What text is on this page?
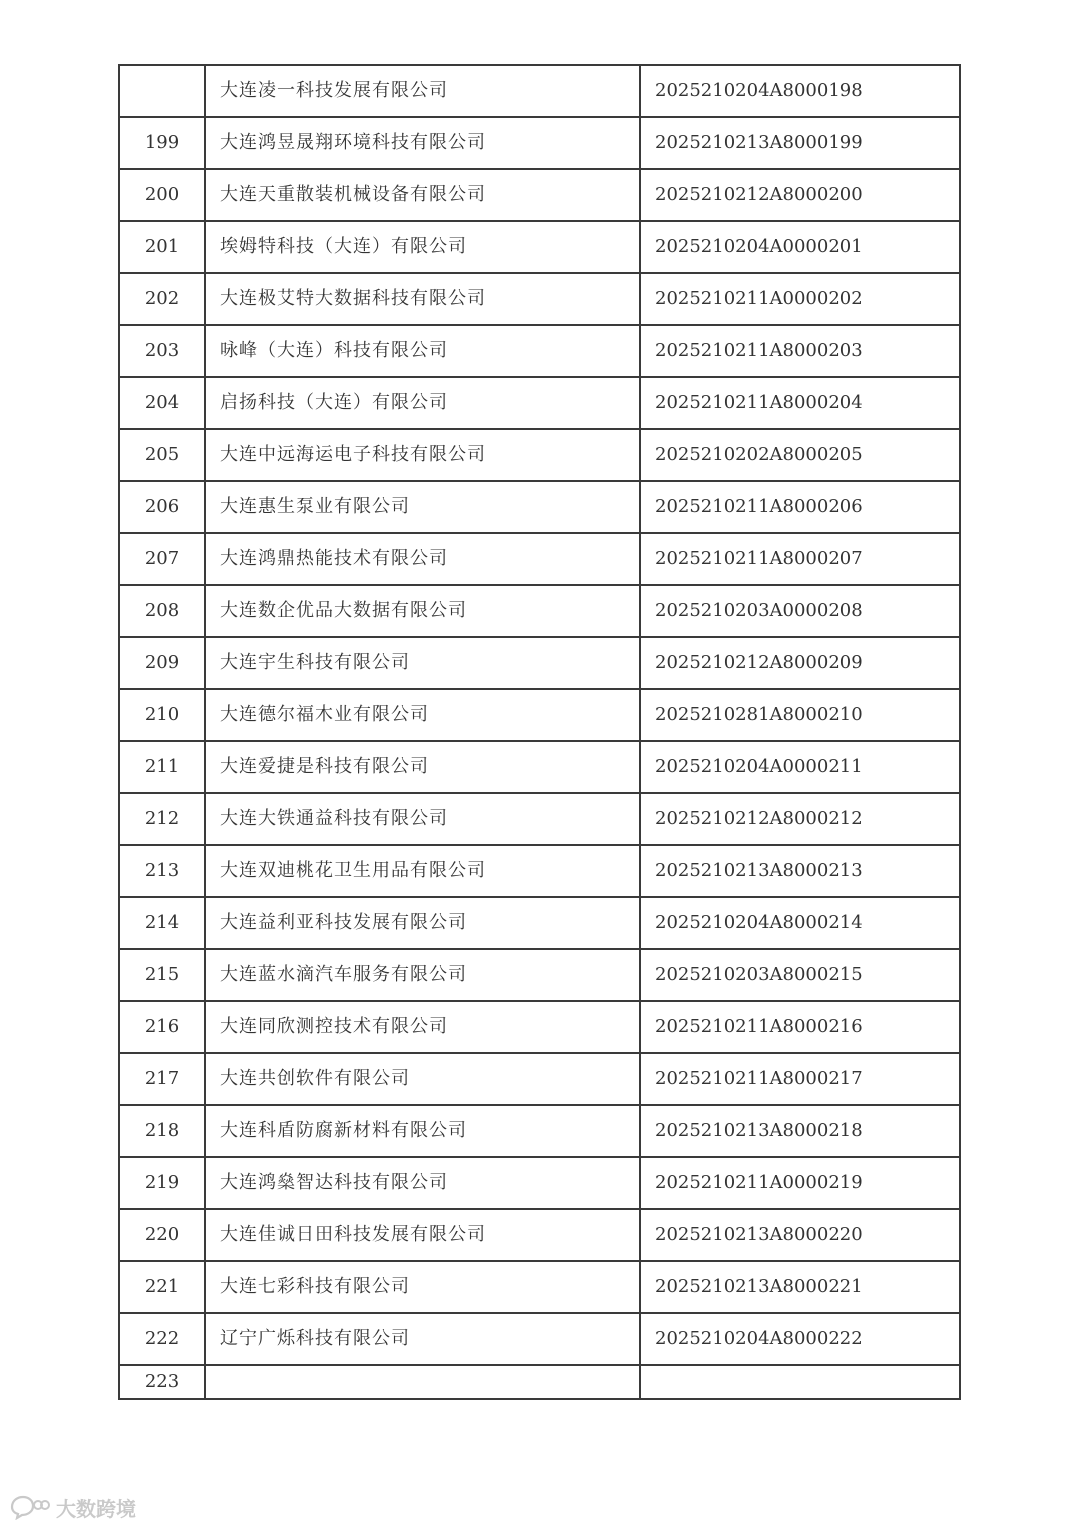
	大连凌一科技发展有限公司	2025210204A8000198
199	大连鸿昱晟翔环境科技有限公司	2025210213A8000199
200	大连天重散装机械设备有限公司	2025210212A8000200
201	埃姆特科技（大连）有限公司	2025210204A0000201
202	大连极艾特大数据科技有限公司	2025210211A0000202
203	咏峰（大连）科技有限公司	2025210211A8000203
204	启扬科技（大连）有限公司	2025210211A8000204
205	大连中远海运电子科技有限公司	2025210202A8000205
206	大连惠生泵业有限公司	2025210211A8000206
207	大连鸿鼎热能技术有限公司	2025210211A8000207
208	大连数企优品大数据有限公司	2025210203A0000208
209	大连宇生科技有限公司	2025210212A8000209
210	大连德尔福木业有限公司	2025210281A8000210
211	大连爱捷是科技有限公司	2025210204A0000211
212	大连大铁通益科技有限公司	2025210212A8000212
213	大连双迪桃花卫生用品有限公司	2025210213A8000213
214	大连益利亚科技发展有限公司	2025210204A8000214
215	大连蓝水滴汽车服务有限公司	2025210203A8000215
216	大连同欣测控技术有限公司	2025210211A8000216
217	大连共创软件有限公司	2025210211A8000217
218	大连科盾防腐新材料有限公司	2025210213A8000218
219	大连鸿燊智达科技有限公司	2025210211A0000219
220	大连佳诚日田科技发展有限公司	2025210213A8000220
221	大连七彩科技有限公司	2025210213A8000221
222	辽宁广烁科技有限公司	2025210204A8000222
223		
大数跨境
